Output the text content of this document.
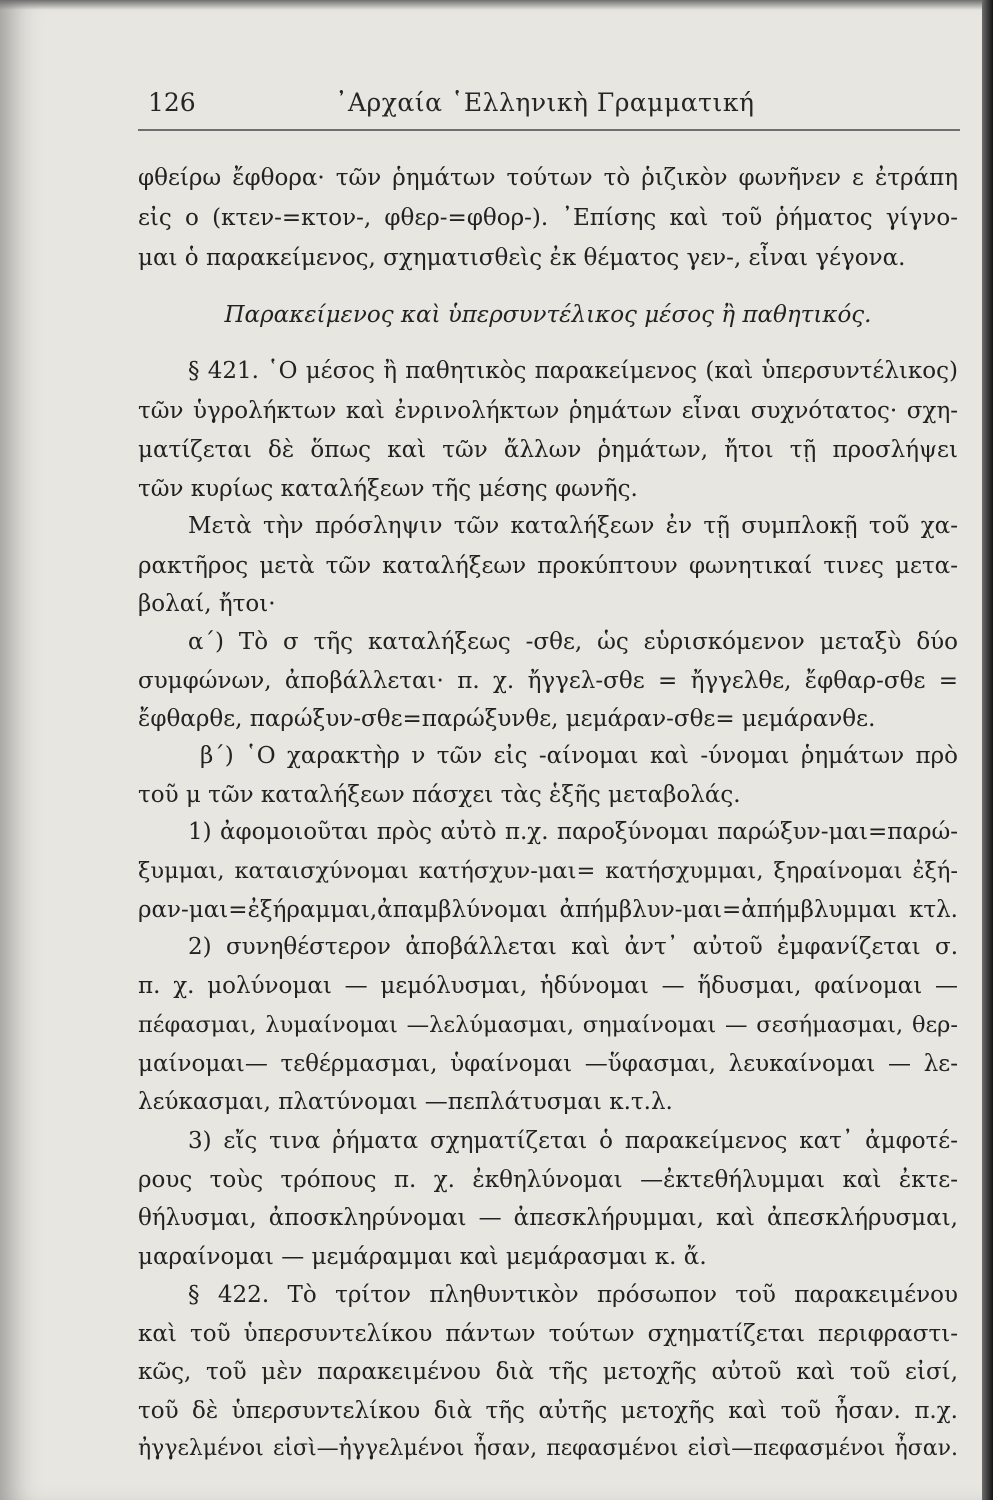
126	᾿Αρχαία ῾Ελληνικὴ Γραμματική
φθείρω ἔφθορα· τῶν ῥημάτων τούτων τὸ ῥιζικὸν φωνῆνεν ε ἐτράπη
εἰς ο (κτεν-=κτον-, φθερ-=φθορ-). ᾿Επίσης καὶ τοῦ ῥήματος γίγνο-
μαι ὁ παρακείμενος, σχηματισθεὶς ἐκ θέματος γεν-, εἶναι γέγονα.
Παρακείμενος καὶ ὑπερσυντέλικος μέσος ἢ παθητικός.
§ 421. ῾Ο μέσος ἢ παθητικὸς παρακείμενος (καὶ ὑπερσυντέλικος)
τῶν ὑγρολήκτων καὶ ἐνρινολήκτων ῥημάτων εἶναι συχνότατος· σχη-
ματίζεται δὲ ὅπως καὶ τῶν ἄλλων ῥημάτων, ἤτοι τῇ προσλήψει
τῶν κυρίως καταλήξεων τῆς μέσης φωνῆς.
Μετὰ τὴν πρόσληψιν τῶν καταλήξεων ἐν τῇ συμπλοκῇ τοῦ χα-
ρακτῆρος μετὰ τῶν καταλήξεων προκύπτουν φωνητικαί τινες μετα-
βολαί, ἤτοι·
α΄) Τὸ σ τῆς καταλήξεως -σθε, ὡς εὑρισκόμενον μεταξὺ δύο
συμφώνων, ἀποβάλλεται· π. χ. ἤγγελ-σθε = ἤγγελθε, ἔφθαρ-σθε =
ἔφθαρθε, παρώξυν-σθε=παρώξυνθε, μεμάραν-σθε= μεμάρανθε.
β΄) ῾Ο χαρακτὴρ ν τῶν εἰς -αίνομαι καὶ -ύνομαι ῥημάτων πρὸ
τοῦ μ τῶν καταλήξεων πάσχει τὰς ἑξῆς μεταβολάς.
1) ἀφομοιοῦται πρὸς αὐτὸ π.χ. παροξύνομαι παρώξυν-μαι=παρώ-
ξυμμαι, καταισχύνομαι κατήσχυν-μαι= κατήσχυμμαι, ξηραίνομαι ἐξή-
ραν-μαι=ἐξήραμμαι,ἀπαμβλύνομαι ἀπήμβλυν-μαι=ἀπήμβλυμμαι κτλ.
2) συνηθέστερον ἀποβάλλεται καὶ ἀντ᾿ αὐτοῦ ἐμφανίζεται σ.
π. χ. μολύνομαι — μεμόλυσμαι, ἡδύνομαι — ἥδυσμαι, φαίνομαι —
πέφασμαι, λυμαίνομαι —λελύμασμαι, σημαίνομαι — σεσήμασμαι, θερ-
μαίνομαι— τεθέρμασμαι, ὑφαίνομαι —ὕφασμαι, λευκαίνομαι — λε-
λεύκασμαι, πλατύνομαι —πεπλάτυσμαι κ.τ.λ.
3) εἴς τινα ῥήματα σχηματίζεται ὁ παρακείμενος κατ᾿ ἀμφοτέ-
ρους τοὺς τρόπους π. χ. ἐκθηλύνομαι —ἐκτεθήλυμμαι καὶ ἐκτε-
θήλυσμαι, ἀποσκληρύνομαι — ἀπεσκλήρυμμαι, καὶ ἀπεσκλήρυσμαι,
μαραίνομαι — μεμάραμμαι καὶ μεμάρασμαι κ. ἄ.
§ 422. Τὸ τρίτον πληθυντικὸν πρόσωπον τοῦ παρακειμένου
καὶ τοῦ ὑπερσυντελίκου πάντων τούτων σχηματίζεται περιφραστι-
κῶς, τοῦ μὲν παρακειμένου διὰ τῆς μετοχῆς αὐτοῦ καὶ τοῦ εἰσί,
τοῦ δὲ ὑπερσυντελίκου διὰ τῆς αὐτῆς μετοχῆς καὶ τοῦ ἦσαν. π.χ.
ἠγγελμένοι εἰσὶ—ἠγγελμένοι ἦσαν, πεφασμένοι εἰσὶ—πεφασμένοι ἦσαν.
